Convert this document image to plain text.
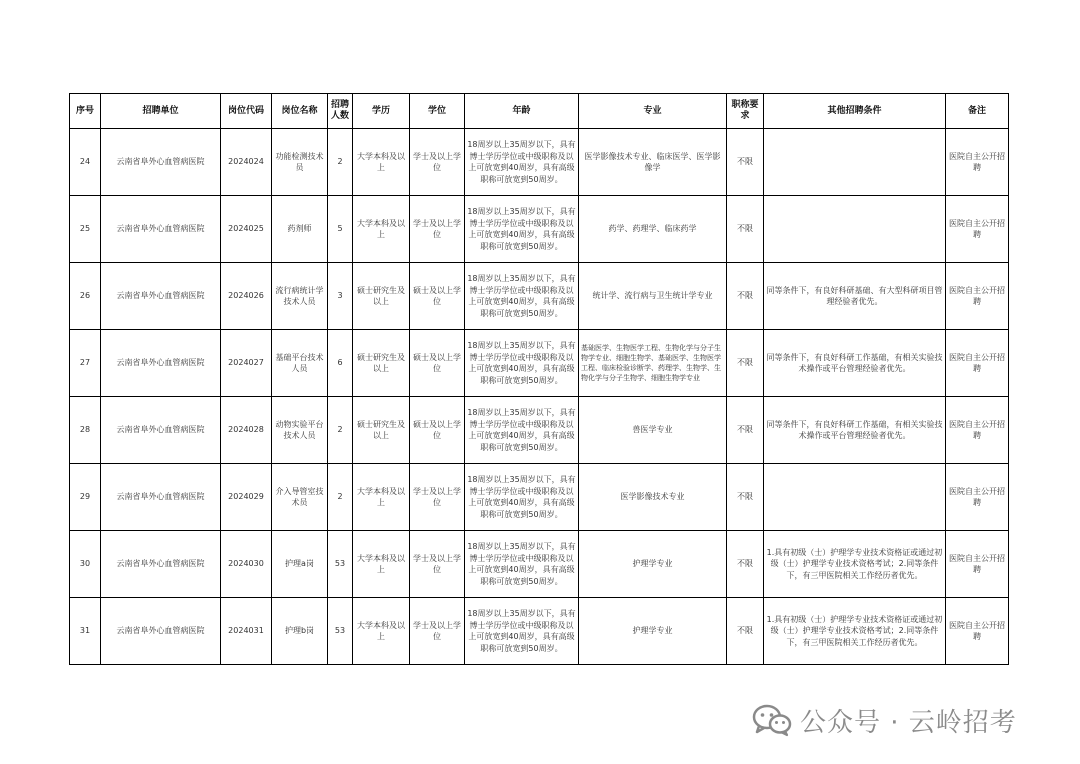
序号	招聘单位	岗位代码	岗位名称	招聘人数	学历	学位	年龄	专业	职称要求	其他招聘条件	备注
24	云南省阜外心血管病医院	2024024	功能检测技术员	2	大学本科及以上	学士及以上学位	18周岁以上35周岁以下，具有博士学历学位或中级职称及以上可放宽到40周岁，具有高级职称可放宽到50周岁。	医学影像技术专业、临床医学、医学影像学	不限		医院自主公开招聘
25	云南省阜外心血管病医院	2024025	药剂师	5	大学本科及以上	学士及以上学位	18周岁以上35周岁以下，具有博士学历学位或中级职称及以上可放宽到40周岁，具有高级职称可放宽到50周岁。	药学、药理学、临床药学	不限		医院自主公开招聘
26	云南省阜外心血管病医院	2024026	流行病统计学技术人员	3	硕士研究生及以上	硕士及以上学位	18周岁以上35周岁以下，具有博士学历学位或中级职称及以上可放宽到40周岁，具有高级职称可放宽到50周岁。	统计学、流行病与卫生统计学专业	不限	同等条件下，有良好科研基础、有大型科研项目管理经验者优先。	医院自主公开招聘
27	云南省阜外心血管病医院	2024027	基础平台技术人员	6	硕士研究生及以上	硕士及以上学位	18周岁以上35周岁以下，具有博士学历学位或中级职称及以上可放宽到40周岁，具有高级职称可放宽到50周岁。	基础医学、生物医学工程、生物化学与分子生物学专业、细胞生物学、基础医学、生物医学工程、临床检验诊断学、药理学、生物学、生物化学与分子生物学、细胞生物学专业	不限	同等条件下，有良好科研工作基础，有相关实验技术操作或平台管理经验者优先。	医院自主公开招聘
28	云南省阜外心血管病医院	2024028	动物实验平台技术人员	2	硕士研究生及以上	硕士及以上学位	18周岁以上35周岁以下，具有博士学历学位或中级职称及以上可放宽到40周岁，具有高级职称可放宽到50周岁。	兽医学专业	不限	同等条件下，有良好科研工作基础，有相关实验技术操作或平台管理经验者优先。	医院自主公开招聘
29	云南省阜外心血管病医院	2024029	介入导管室技术员	2	大学本科及以上	学士及以上学位	18周岁以上35周岁以下，具有博士学历学位或中级职称及以上可放宽到40周岁，具有高级职称可放宽到50周岁。	医学影像技术专业	不限		医院自主公开招聘
30	云南省阜外心血管病医院	2024030	护理a岗	53	大学本科及以上	学士及以上学位	18周岁以上35周岁以下，具有博士学历学位或中级职称及以上可放宽到40周岁，具有高级职称可放宽到50周岁。	护理学专业	不限	1.具有初级（士）护理学专业技术资格证或通过初级（士）护理学专业技术资格考试；2.同等条件下，有三甲医院相关工作经历者优先。	医院自主公开招聘
31	云南省阜外心血管病医院	2024031	护理b岗	53	大学本科及以上	学士及以上学位	18周岁以上35周岁以下，具有博士学历学位或中级职称及以上可放宽到40周岁，具有高级职称可放宽到50周岁。	护理学专业	不限	1.具有初级（士）护理学专业技术资格证或通过初级（士）护理学专业技术资格考试；2.同等条件下，有三甲医院相关工作经历者优先。	医院自主公开招聘
公众号 · 云岭招考
